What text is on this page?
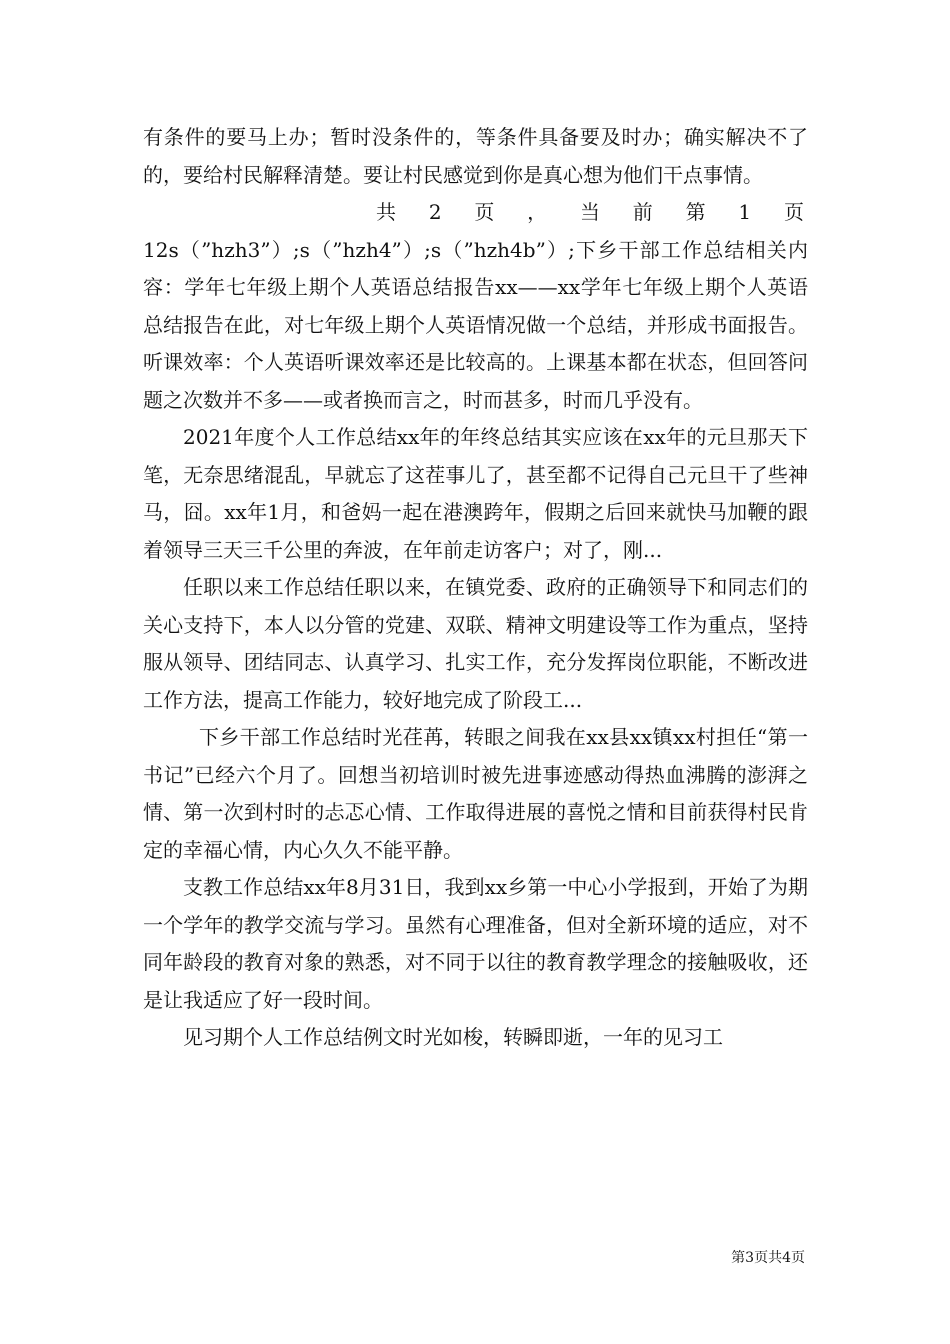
有条件的要马上办；暂时没条件的，等条件具备要及时办；确实解决不了的，要给村民解释清楚。要让村民感觉到你是真心想为他们干点事情。

共 2 页 ， 当 前 第 1 页

12s（”hzh3”）;s（”hzh4”）;s（”hzh4b”）;下乡干部工作总结相关内容：学年七年级上期个人英语总结报告xx——xx学年七年级上期个人英语总结报告在此，对七年级上期个人英语情况做一个总结，并形成书面报告。听课效率：个人英语听课效率还是比较高的。上课基本都在状态，但回答问题之次数并不多——或者换而言之，时而甚多，时而几乎没有。

2021年度个人工作总结xx年的年终总结其实应该在xx年的元旦那天下笔，无奈思绪混乱，早就忘了这茬事儿了，甚至都不记得自己元旦干了些神马，囧。xx年1月，和爸妈一起在港澳跨年，假期之后回来就快马加鞭的跟着领导三天三千公里的奔波，在年前走访客户；对了，刚...

任职以来工作总结任职以来，在镇党委、政府的正确领导下和同志们的关心支持下，本人以分管的党建、双联、精神文明建设等工作为重点，坚持服从领导、团结同志、认真学习、扎实工作，充分发挥岗位职能，不断改进工作方法，提高工作能力，较好地完成了阶段工...

下乡干部工作总结时光荏苒，转眼之间我在xx县xx镇xx村担任“第一书记”已经六个月了。回想当初培训时被先进事迹感动得热血沸腾的澎湃之情、第一次到村时的忐忑心情、工作取得进展的喜悦之情和目前获得村民肯定的幸福心情，内心久久不能平静。

支教工作总结xx年8月31日，我到xx乡第一中心小学报到，开始了为期一个学年的教学交流与学习。虽然有心理准备，但对全新环境的适应，对不同年龄段的教育对象的熟悉，对不同于以往的教育教学理念的接触吸收，还是让我适应了好一段时间。

见习期个人工作总结例文时光如梭，转瞬即逝，一年的见习工

第3页共4页
